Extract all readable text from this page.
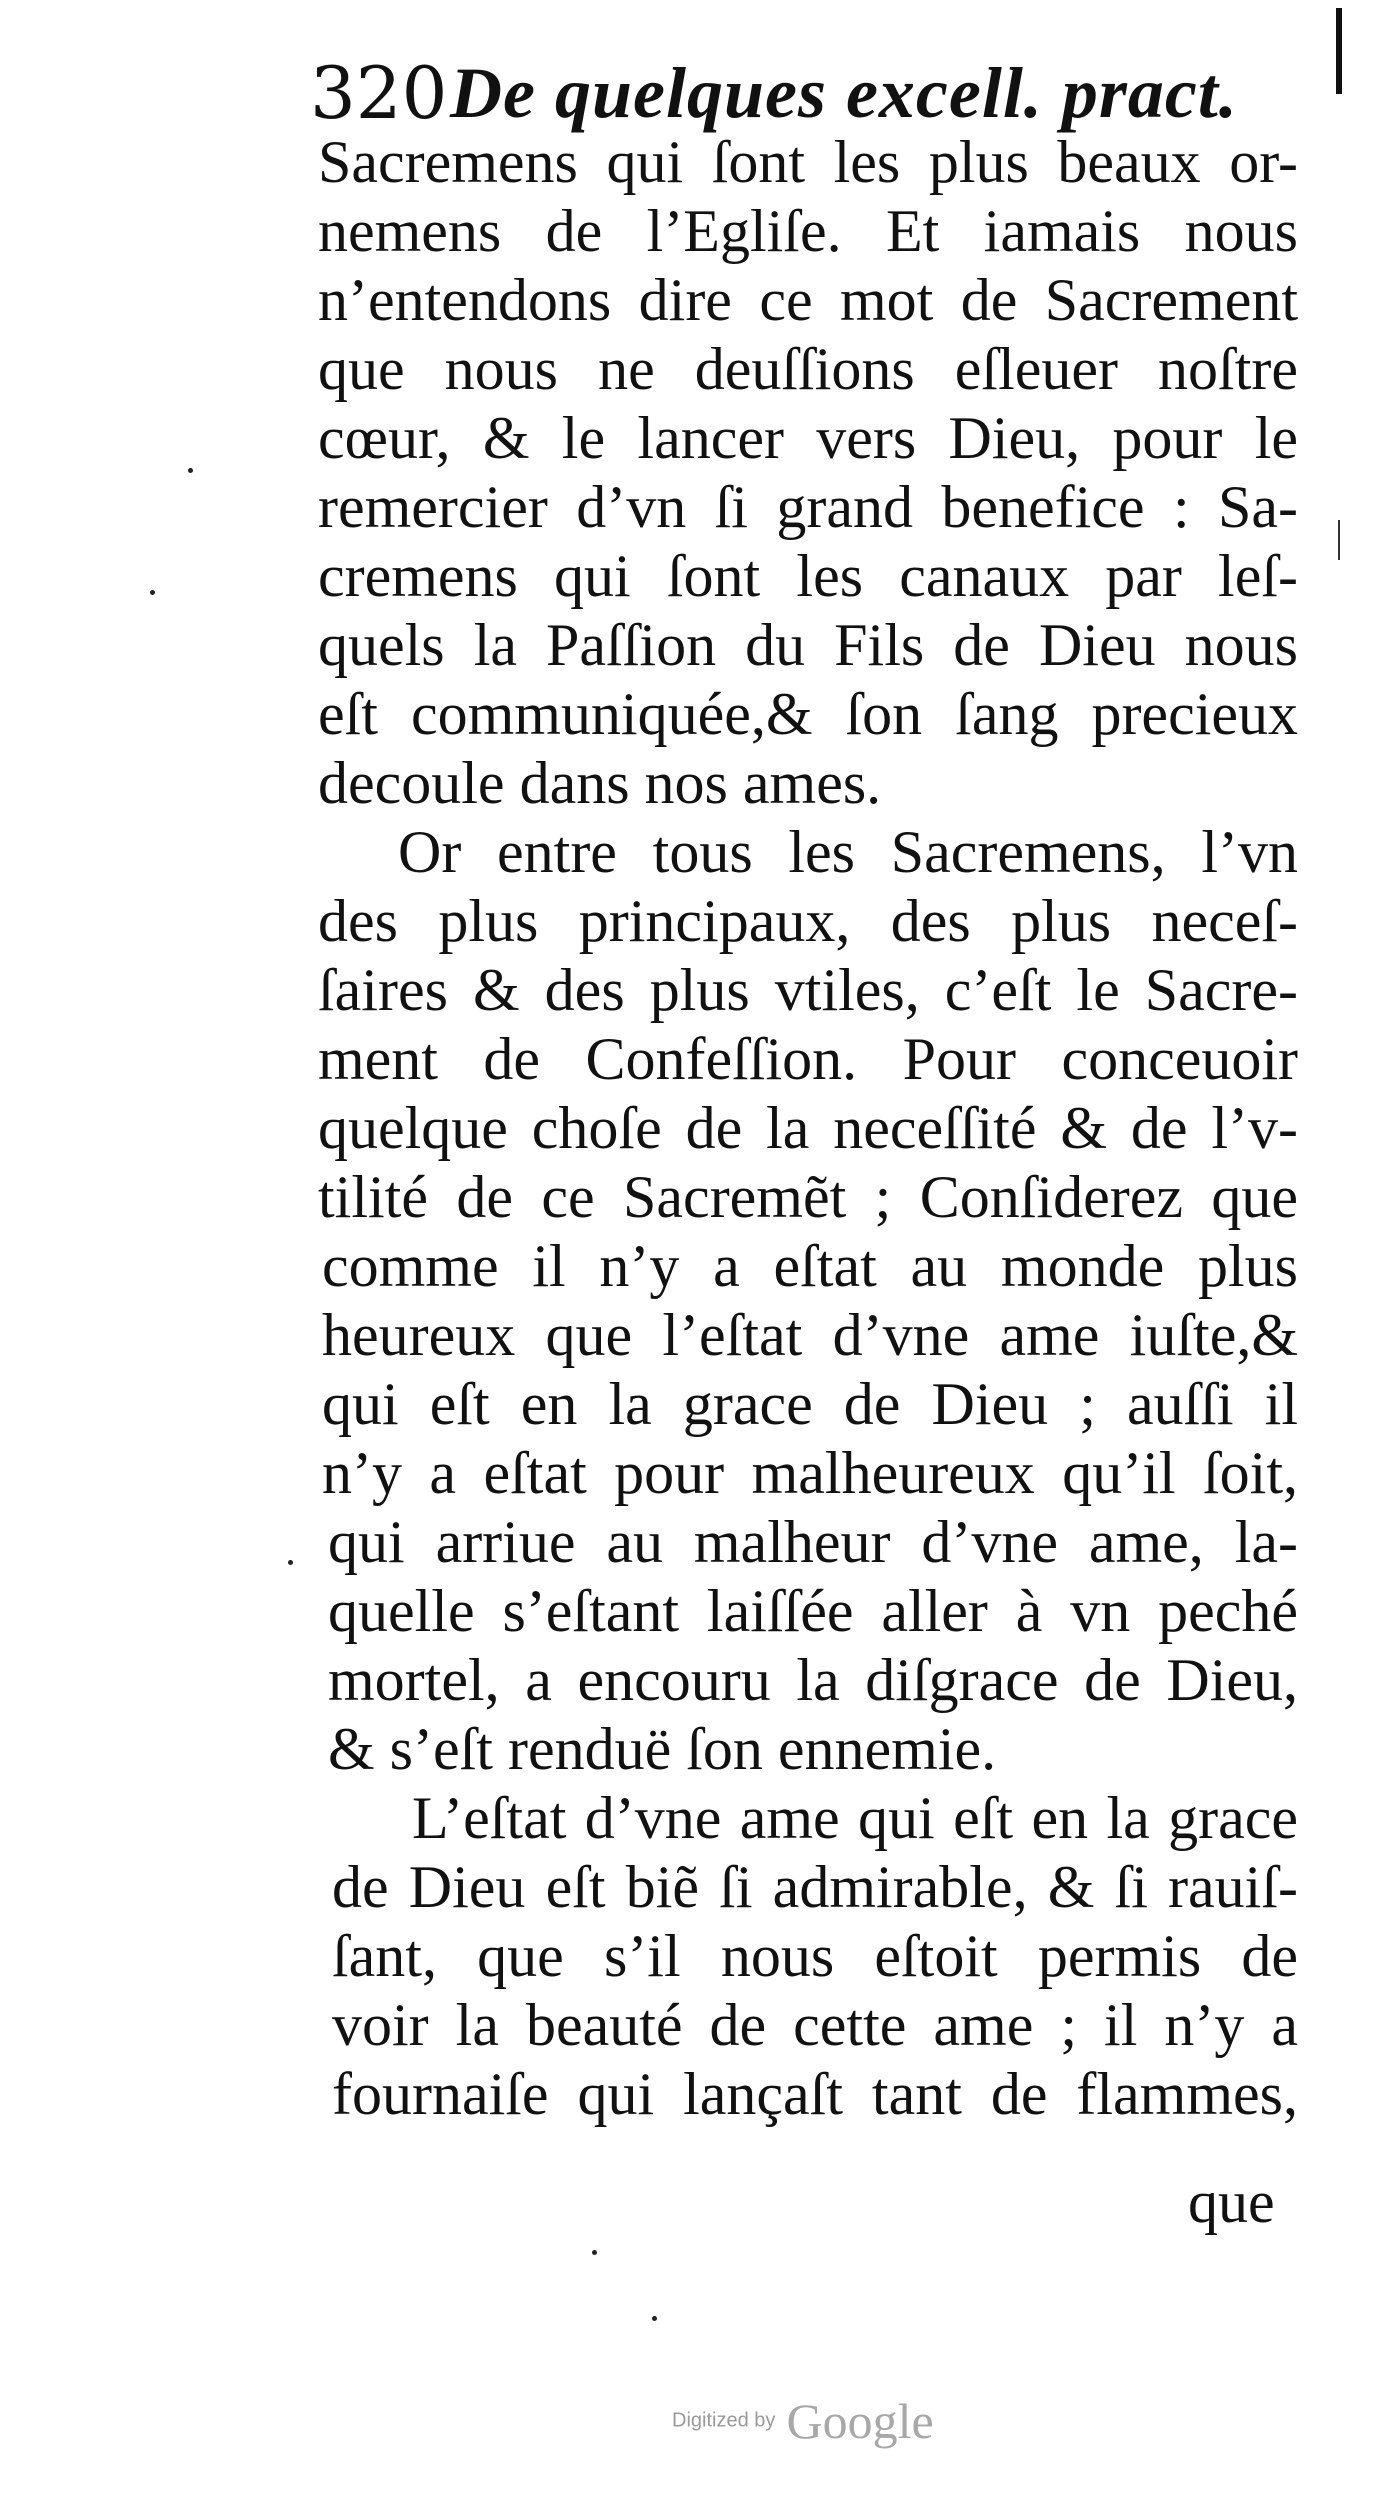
320 De quelques excell. pract.
Sacremens qui ſont les plus beaux or-
nemens de l’Egliſe. Et iamais nous
n’entendons dire ce mot de Sacrement
que nous ne deuſſions eſleuer noſtre
cœur, & le lancer vers Dieu, pour le
remercier d’vn ſi grand benefice : Sa-
cremens qui ſont les canaux par leſ-
quels la Paſſion du Fils de Dieu nous
eſt communiquée,& ſon ſang precieux
decoule dans nos ames.
Or entre tous les Sacremens, l’vn
des plus principaux, des plus neceſ-
ſaires & des plus vtiles, c’eſt le Sacre-
ment de Confeſſion. Pour conceuoir
quelque choſe de la neceſſité & de l’v-
tilité de ce Sacremẽt ; Conſiderez que
comme il n’y a eſtat au monde plus
heureux que l’eſtat d’vne ame iuſte,&
qui eſt en la grace de Dieu ; auſſi il
n’y a eſtat pour malheureux qu’il ſoit,
qui arriue au malheur d’vne ame, la-
quelle s’eſtant laiſſée aller à vn peché
mortel, a encouru la diſgrace de Dieu,
& s’eſt renduë ſon ennemie.
L’eſtat d’vne ame qui eſt en la grace
de Dieu eſt biẽ ſi admirable, & ſi rauiſ-
ſant, que s’il nous eſtoit permis de
voir la beauté de cette ame ; il n’y a
fournaiſe qui lançaſt tant de flammes,
que
Digitized by Google
